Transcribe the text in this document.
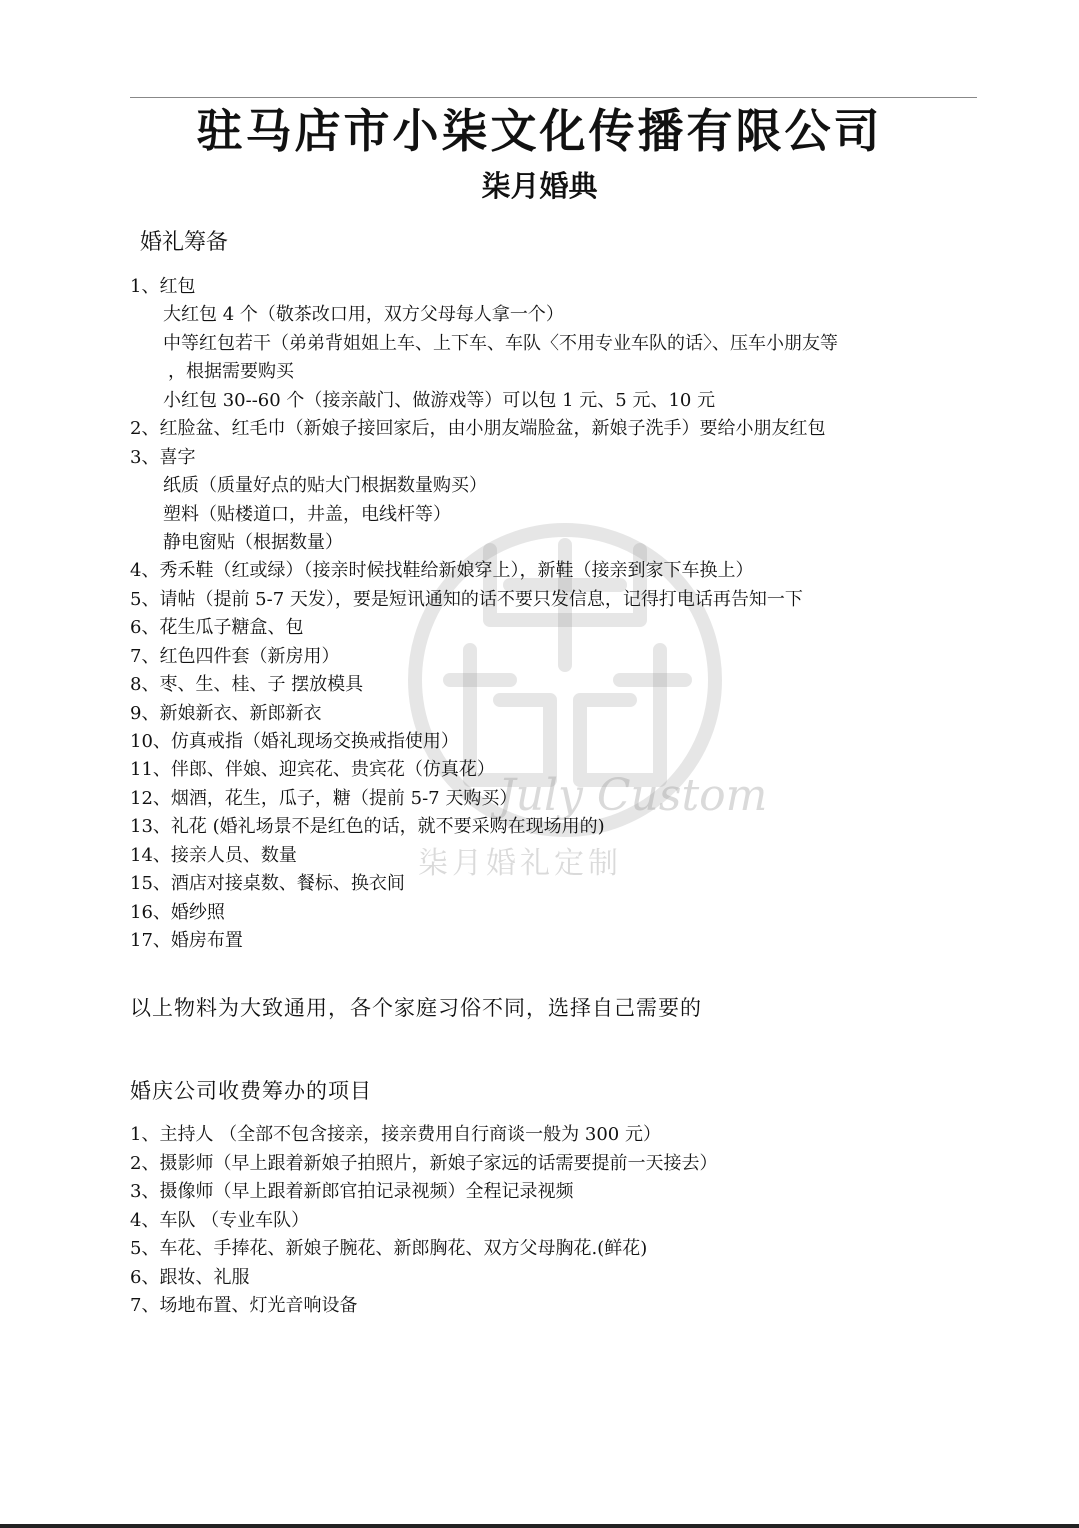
July Custom
柒月婚礼定制
驻马店市小柒文化传播有限公司
柒月婚典
婚礼筹备
1、红包
大红包 4 个（敬茶改口用，双方父母每人拿一个）
中等红包若干（弟弟背姐姐上车、上下车、车队〈不用专业车队的话〉、压车小朋友等
，根据需要购买
小红包 30--60 个（接亲敲门、做游戏等）可以包 1 元、5 元、10 元
2、红脸盆、红毛巾（新娘子接回家后，由小朋友端脸盆，新娘子洗手）要给小朋友红包
3、喜字
纸质（质量好点的贴大门根据数量购买）
塑料（贴楼道口，井盖，电线杆等）
静电窗贴（根据数量）
4、秀禾鞋（红或绿）（接亲时候找鞋给新娘穿上），新鞋（接亲到家下车换上）
5、请帖（提前 5-7 天发），要是短讯通知的话不要只发信息，记得打电话再告知一下
6、花生瓜子糖盒、包
7、红色四件套（新房用）
8、枣、生、桂、子 摆放模具
9、新娘新衣、新郎新衣
10、仿真戒指（婚礼现场交换戒指使用）
11、伴郎、伴娘、迎宾花、贵宾花（仿真花）
12、烟酒，花生，瓜子，糖（提前 5-7 天购买）
13、礼花 (婚礼场景不是红色的话，就不要采购在现场用的)
14、接亲人员、数量
15、酒店对接桌数、餐标、换衣间
16、婚纱照
17、婚房布置
以上物料为大致通用，各个家庭习俗不同，选择自己需要的
婚庆公司收费筹办的项目
1、主持人 （全部不包含接亲，接亲费用自行商谈一般为 300 元）
2、摄影师（早上跟着新娘子拍照片，新娘子家远的话需要提前一天接去）
3、摄像师（早上跟着新郎官拍记录视频）全程记录视频
4、车队 （专业车队）
5、车花、手捧花、新娘子腕花、新郎胸花、双方父母胸花.(鲜花)
6、跟妆、礼服
7、场地布置、灯光音响设备
